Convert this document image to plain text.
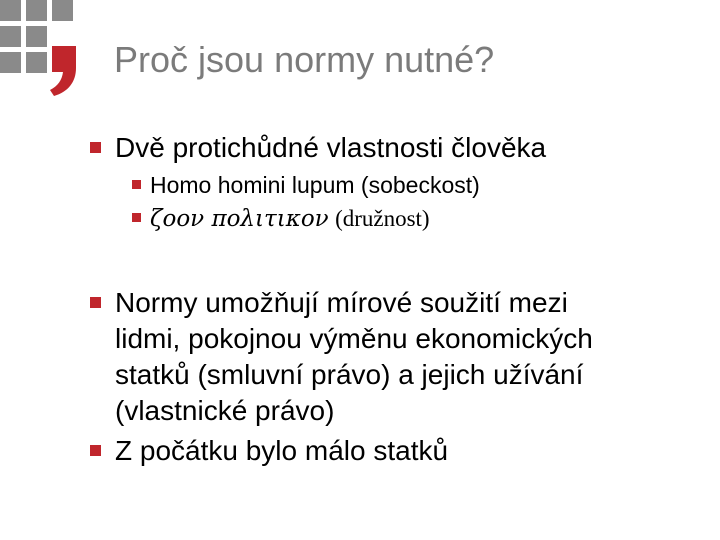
Proč jsou normy nutné?
Dvě protichůdné vlastnosti člověka
Homo homini lupum (sobeckost)
ζοον πολιτικον (družnost)
Normy umožňují mírové soužití mezi
lidmi, pokojnou výměnu ekonomických
statků (smluvní právo) a jejich užívání
(vlastnické právo)
Z počátku bylo málo statků
